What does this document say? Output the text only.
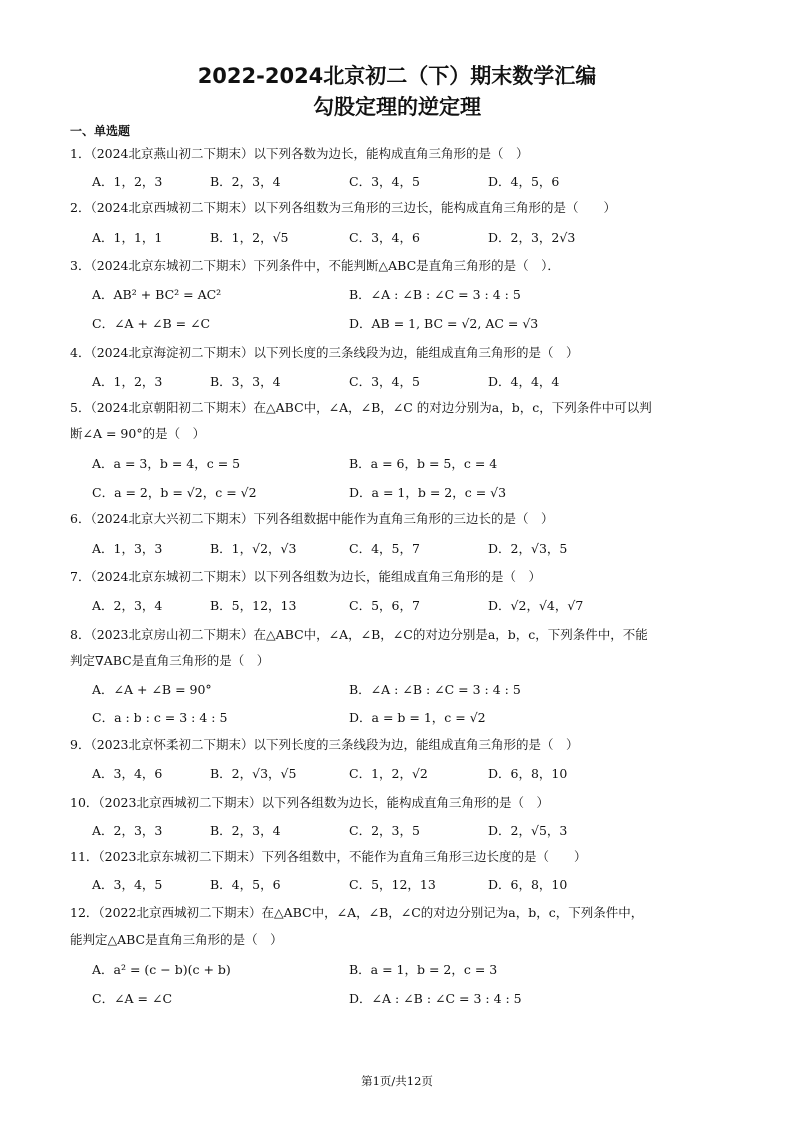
2022-2024北京初二（下）期末数学汇编
勾股定理的逆定理
一、单选题
1．（2024北京燕山初二下期末）以下列各数为边长，能构成直角三角形的是（　）
A．1，2，3	B．2，3，4	C．3，4，5	D．4，5，6
2．（2024北京西城初二下期末）以下列各组数为三角形的三边长，能构成直角三角形的是（　　）
A．1，1，1	B．1，2，√5	C．3，4，6	D．2，3，2√3
3．（2024北京东城初二下期末）下列条件中，不能判断△ABC是直角三角形的是（　）．
A．AB² + BC² = AC²	B．∠A : ∠B : ∠C = 3 : 4 : 5
C．∠A + ∠B = ∠C	D．AB = 1, BC = √2, AC = √3
4．（2024北京海淀初二下期末）以下列长度的三条线段为边，能组成直角三角形的是（　）
A．1，2，3	B．3，3，4	C．3，4，5	D．4，4，4
5．（2024北京朝阳初二下期末）在△ABC中，∠A，∠B，∠C 的对边分别为a，b，c，下列条件中可以判
断∠A = 90°的是（　）
A．a = 3，b = 4，c = 5	B．a = 6，b = 5，c = 4
C．a = 2，b = √2，c = √2	D．a = 1，b = 2，c = √3
6．（2024北京大兴初二下期末）下列各组数据中能作为直角三角形的三边长的是（　）
A．1，3，3	B．1，√2，√3	C．4，5，7	D．2，√3，5
7．（2024北京东城初二下期末）以下列各组数为边长，能组成直角三角形的是（　）
A．2，3，4	B．5，12，13	C．5，6，7	D．√2，√4，√7
8．（2023北京房山初二下期末）在△ABC中，∠A，∠B，∠C的对边分别是a，b，c，下列条件中，不能
判定∇ABC是直角三角形的是（　）
A．∠A + ∠B = 90°	B．∠A : ∠B : ∠C = 3 : 4 : 5
C．a : b : c = 3 : 4 : 5	D．a = b = 1，c = √2
9．（2023北京怀柔初二下期末）以下列长度的三条线段为边，能组成直角三角形的是（　）
A．3，4，6	B．2，√3，√5	C．1，2，√2	D．6，8，10
10．（2023北京西城初二下期末）以下列各组数为边长，能构成直角三角形的是（　）
A．2，3，3	B．2，3，4	C．2，3，5	D．2，√5，3
11．（2023北京东城初二下期末）下列各组数中，不能作为直角三角形三边长度的是（　　）
A．3，4，5	B．4，5，6	C．5，12，13	D．6，8，10
12．（2022北京西城初二下期末）在△ABC中，∠A，∠B，∠C的对边分别记为a，b，c，下列条件中，
能判定△ABC是直角三角形的是（　）
A．a² = (c − b)(c + b)	B．a = 1，b = 2，c = 3
C．∠A = ∠C	D．∠A : ∠B : ∠C = 3 : 4 : 5
第1页/共12页
